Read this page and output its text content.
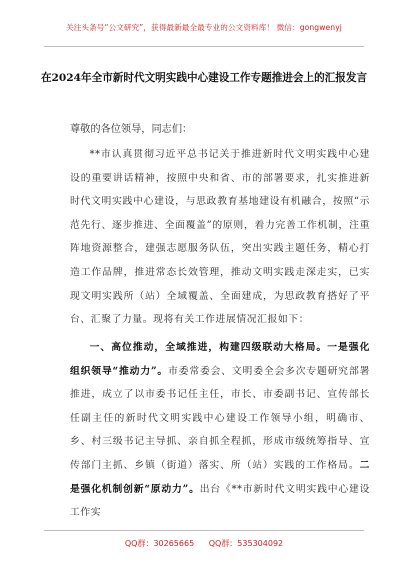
关注头条号“公文研究”，获得最新最全最专业的公文资料库！ 微信：gongwenyj
在2024年全市新时代文明实践中心建设工作专题推进会上的汇报发言
尊敬的各位领导，同志们：
**市认真贯彻习近平总书记关于推进新时代文明实践中心建设的重要讲话精神，按照中央和省、市的部署要求，扎实推进新时代文明实践中心建设，与思政教育基地建设有机融合，按照“示范先行、逐步推进、全面覆盖”的原则，着力完善工作机制，注重阵地资源整合，建强志愿服务队伍，突出实践主题任务，精心打造工作品牌，推进常态长效管理，推动文明实践走深走实，已实现文明实践所（站）全域覆盖、全面建成，为思政教育搭好了平台、汇聚了力量。现将有关工作进展情况汇报如下：
一、高位推动，全域推进，构建四级联动大格局。一是强化组织领导“推动力”。市委常委会、文明委全会多次专题研究部署推进，成立了以市委书记任主任，市长、市委副书记、宣传部长任副主任的新时代文明实践中心建设工作领导小组，明确市、乡、村三级书记主导抓、亲自抓全程抓，形成市级统筹指导、宣传部门主抓、乡镇（街道）落实、所（站）实践的工作格局。二是强化机制创新“原动力”。出台《**市新时代文明实践中心建设工作实
QQ群：30265665 QQ群：535304092
